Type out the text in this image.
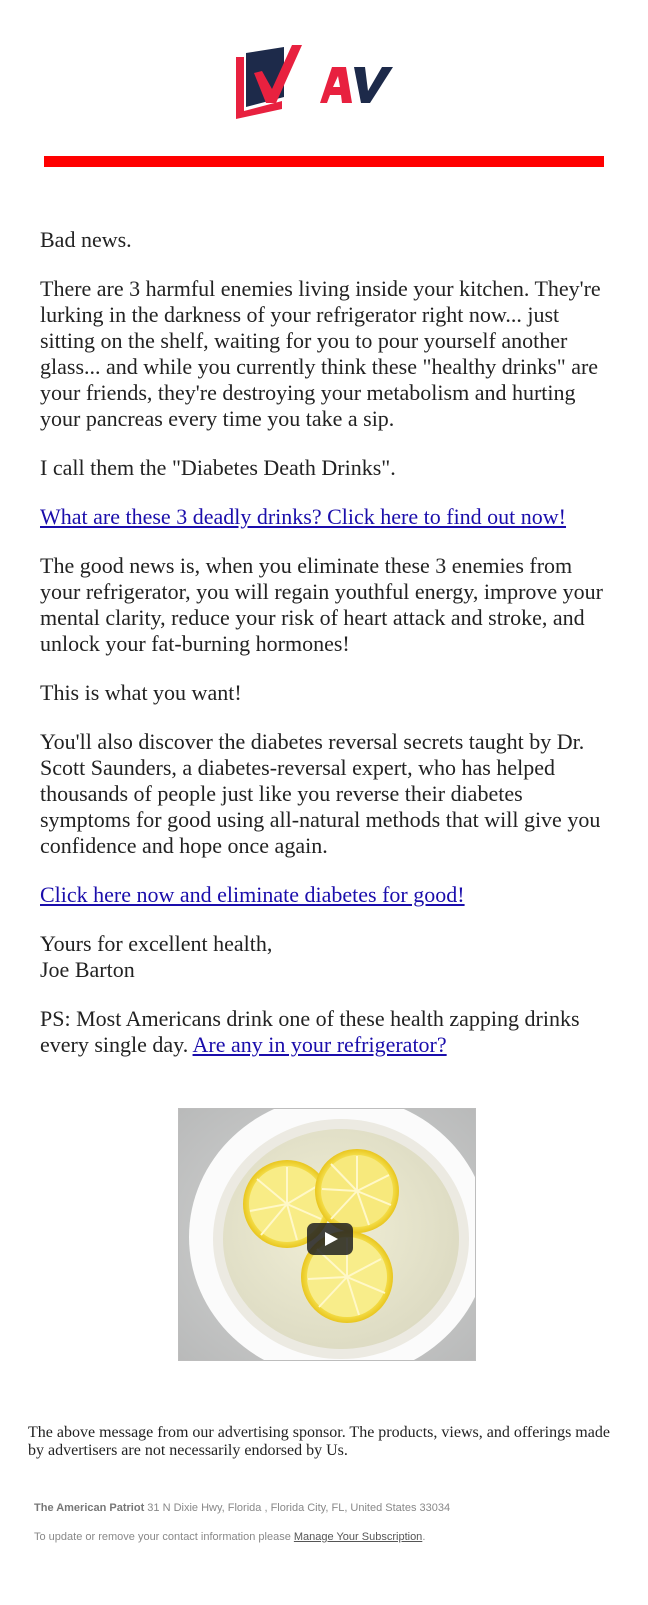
Bad news.

There are 3 harmful enemies living inside your kitchen. They're lurking in the darkness of your refrigerator right now... just sitting on the shelf, waiting for you to pour yourself another glass... and while you currently think these "healthy drinks" are your friends, they're destroying your metabolism and hurting your pancreas every time you take a sip.

I call them the "Diabetes Death Drinks".

What are these 3 deadly drinks? Click here to find out now!

The good news is, when you eliminate these 3 enemies from your refrigerator, you will regain youthful energy, improve your mental clarity, reduce your risk of heart attack and stroke, and unlock your fat-burning hormones!

This is what you want!

You'll also discover the diabetes reversal secrets taught by Dr. Scott Saunders, a diabetes-reversal expert, who has helped thousands of people just like you reverse their diabetes symptoms for good using all-natural methods that will give you confidence and hope once again.

Click here now and eliminate diabetes for good!

Yours for excellent health,
Joe Barton

PS: Most Americans drink one of these health zapping drinks every single day. Are any in your refrigerator?

The above message from our advertising sponsor. The products, views, and offerings made by advertisers are not necessarily endorsed by Us.
The American Patriot 31 N Dixie Hwy, Florida , Florida City, FL, United States 33034
To update or remove your contact information please Manage Your Subscription.
